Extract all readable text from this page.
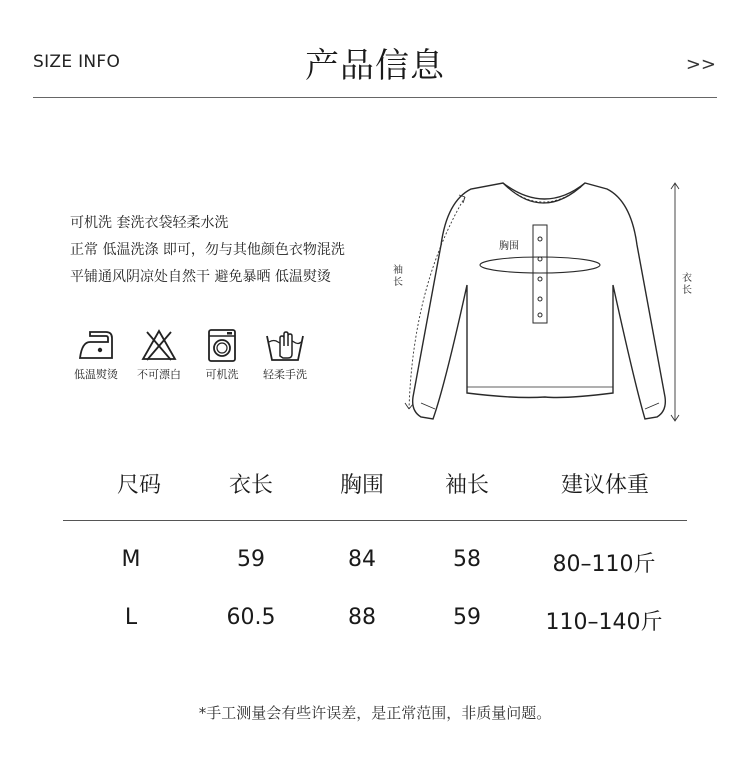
SIZE INFO	产品信息	>>
可机洗 套洗衣袋轻柔水洗
正常 低温洗涤 即可，勿与其他颜色衣物混洗
平铺通风阴凉处自然干 避免暴晒 低温熨烫
低温熨烫	不可漂白	可机洗	轻柔手洗
胸围
袖长	衣长
尺码	衣长	胸围	袖长	建议体重
M	59	84	58	80–110斤
L	60.5	88	59	110–140斤
*手工测量会有些许误差，是正常范围，非质量问题。
